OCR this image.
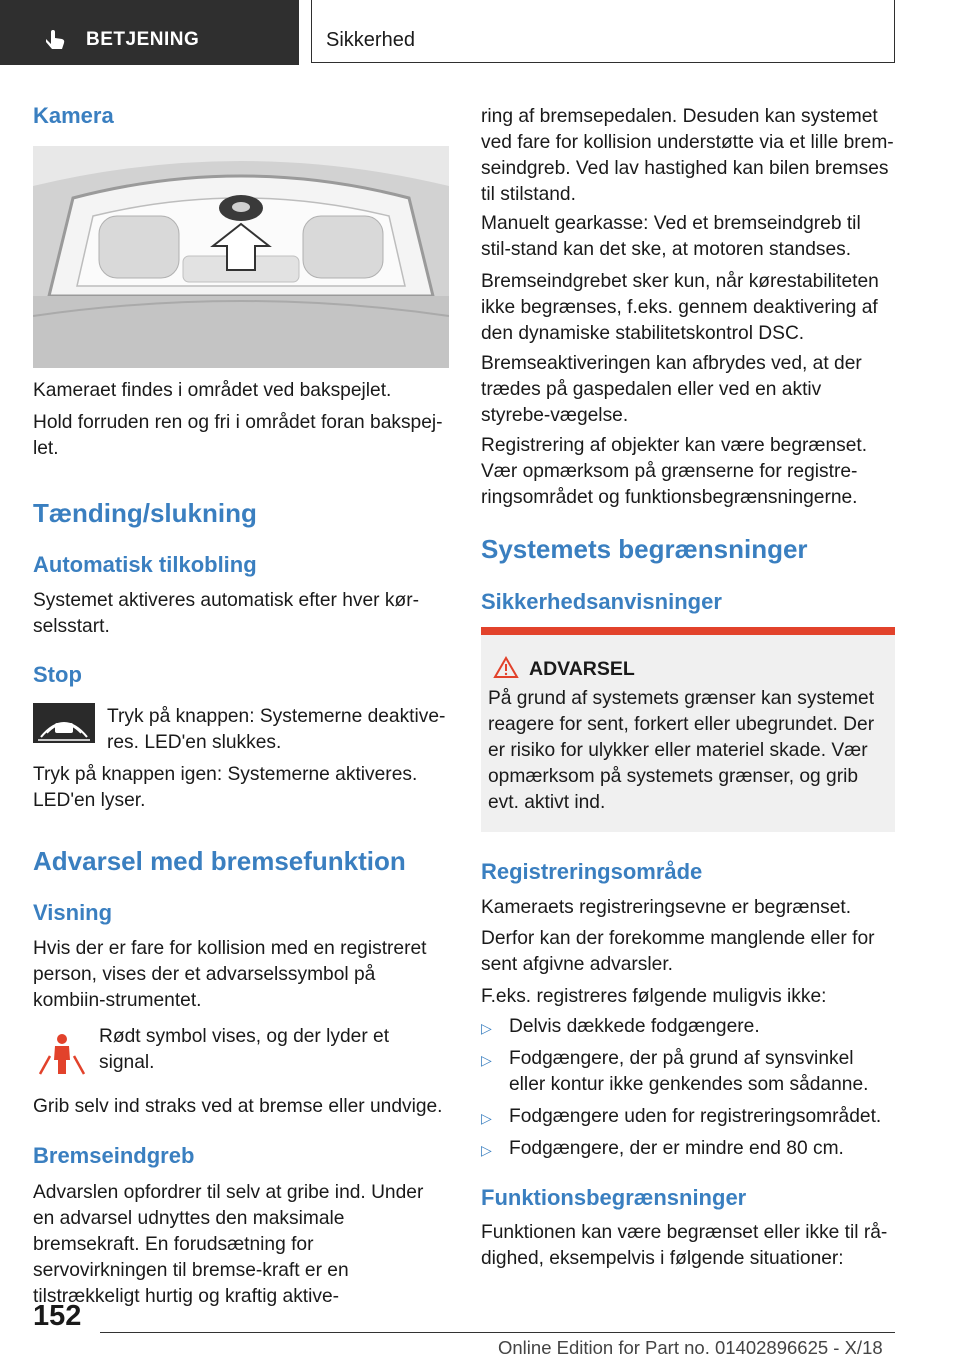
BETJENING	Sikkerhed
Kamera

Kameraet findes i området ved bakspejlet.

Hold forruden ren og fri i området foran bakspej-let.

Tænding/slukning
Automatisk tilkobling

Systemet aktiveres automatisk efter hver kør-selsstart.

Stop

Tryk på knappen: Systemerne deaktive-res. LED'en slukkes.

Tryk på knappen igen: Systemerne aktiveres. LED'en lyser.

Advarsel med bremsefunktion
Visning

Hvis der er fare for kollision med en registreret person, vises der et advarselssymbol på kombiin-strumentet.

Rødt symbol vises, og der lyder et signal.

Grib selv ind straks ved at bremse eller undvige.

Bremseindgreb

Advarslen opfordrer til selv at gribe ind. Under en advarsel udnyttes den maksimale bremsekraft. En forudsætning for servovirkningen til bremse-kraft er en tilstrækkeligt hurtig og kraftig aktive-

ring af bremsepedalen. Desuden kan systemet ved fare for kollision understøtte via et lille brem-seindgreb. Ved lav hastighed kan bilen bremses til stilstand.

Manuelt gearkasse: Ved et bremseindgreb til stil-stand kan det ske, at motoren standses.

Bremseindgrebet sker kun, når kørestabiliteten ikke begrænses, f.eks. gennem deaktivering af den dynamiske stabilitetskontrol DSC.

Bremseaktiveringen kan afbrydes ved, at der trædes på gaspedalen eller ved en aktiv styrebe-vægelse.

Registrering af objekter kan være begrænset. Vær opmærksom på grænserne for registre-ringsområdet og funktionsbegrænsningerne.

Systemets begrænsninger
Sikkerhedsanvisninger
ADVARSEL

På grund af systemets grænser kan systemet reagere for sent, forkert eller ubegrundet. Der er risiko for ulykker eller materiel skade. Vær opmærksom på systemets grænser, og grib evt. aktivt ind.

Registreringsområde

Kameraets registreringsevne er begrænset.

Derfor kan der forekomme manglende eller for sent afgivne advarsler.

F.eks. registreres følgende muligvis ikke:

▷ Delvis dækkede fodgængere.

▷ Fodgængere, der på grund af synsvinkel eller kontur ikke genkendes som sådanne.

▷ Fodgængere uden for registreringsområdet.

▷ Fodgængere, der er mindre end 80 cm.

Funktionsbegrænsninger

Funktionen kan være begrænset eller ikke til rå-dighed, eksempelvis i følgende situationer:

152
Online Edition for Part no. 01402896625 - X/18
